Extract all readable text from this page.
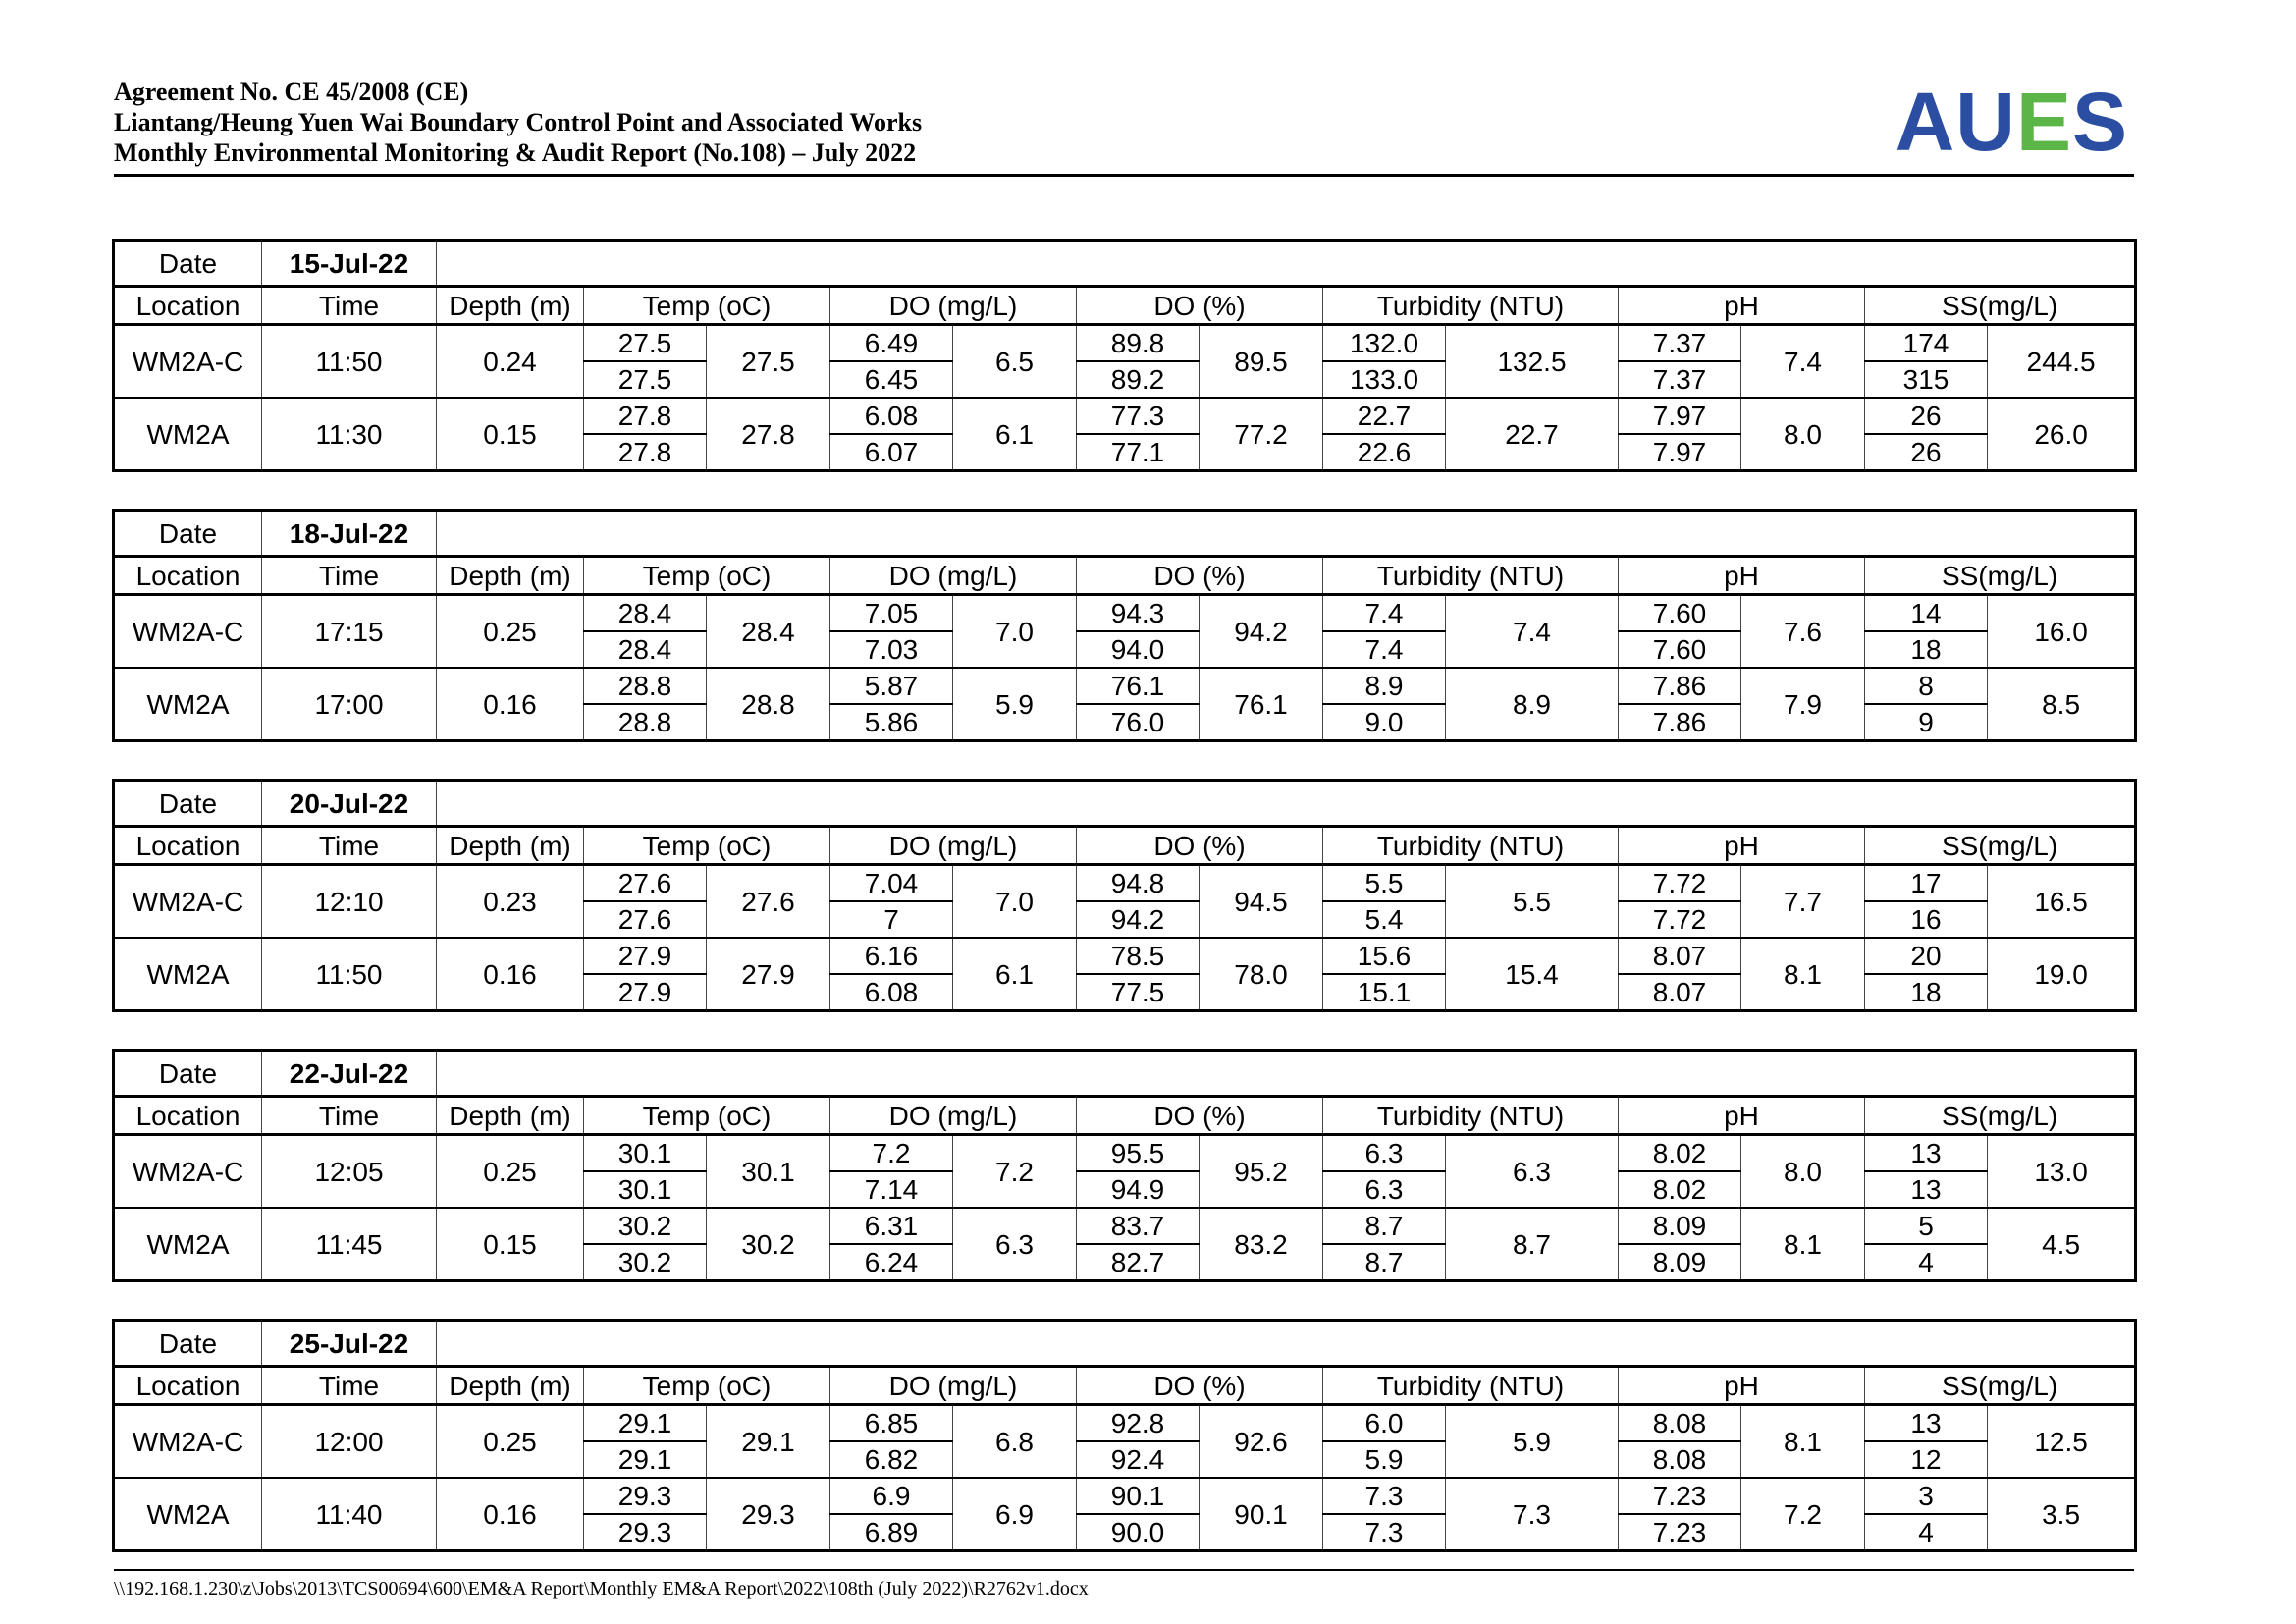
Agreement No. CE 45/2008 (CE)
Liantang/Heung Yuen Wai Boundary Control Point and Associated Works
Monthly Environmental Monitoring & Audit Report (No.108) – July 2022	AUES
Date	15-Jul-22													
Location	Time	Depth (m)	Temp (oC)		DO (mg/L)		DO (%)		Turbidity (NTU)		pH		SS(mg/L)	
WM2A-C	11:50	0.24	27.5	27.5	6.49	6.5	89.8	89.5	132.0	132.5	7.37	7.4	174	244.5
			27.5		6.45		89.2		133.0		7.37		315	
WM2A	11:30	0.15	27.8	27.8	6.08	6.1	77.3	77.2	22.7	22.7	7.97	8.0	26	26.0
			27.8		6.07		77.1		22.6		7.97		26	
Date	18-Jul-22													
Location	Time	Depth (m)	Temp (oC)		DO (mg/L)		DO (%)		Turbidity (NTU)		pH		SS(mg/L)	
WM2A-C	17:15	0.25	28.4	28.4	7.05	7.0	94.3	94.2	7.4	7.4	7.60	7.6	14	16.0
			28.4		7.03		94.0		7.4		7.60		18	
WM2A	17:00	0.16	28.8	28.8	5.87	5.9	76.1	76.1	8.9	8.9	7.86	7.9	8	8.5
			28.8		5.86		76.0		9.0		7.86		9	
Date	20-Jul-22													
Location	Time	Depth (m)	Temp (oC)		DO (mg/L)		DO (%)		Turbidity (NTU)		pH		SS(mg/L)	
WM2A-C	12:10	0.23	27.6	27.6	7.04	7.0	94.8	94.5	5.5	5.5	7.72	7.7	17	16.5
			27.6		7		94.2		5.4		7.72		16	
WM2A	11:50	0.16	27.9	27.9	6.16	6.1	78.5	78.0	15.6	15.4	8.07	8.1	20	19.0
			27.9		6.08		77.5		15.1		8.07		18	
Date	22-Jul-22													
Location	Time	Depth (m)	Temp (oC)		DO (mg/L)		DO (%)		Turbidity (NTU)		pH		SS(mg/L)	
WM2A-C	12:05	0.25	30.1	30.1	7.2	7.2	95.5	95.2	6.3	6.3	8.02	8.0	13	13.0
			30.1		7.14		94.9		6.3		8.02		13	
WM2A	11:45	0.15	30.2	30.2	6.31	6.3	83.7	83.2	8.7	8.7	8.09	8.1	5	4.5
			30.2		6.24		82.7		8.7		8.09		4	
Date	25-Jul-22													
Location	Time	Depth (m)	Temp (oC)		DO (mg/L)		DO (%)		Turbidity (NTU)		pH		SS(mg/L)	
WM2A-C	12:00	0.25	29.1	29.1	6.85	6.8	92.8	92.6	6.0	5.9	8.08	8.1	13	12.5
			29.1		6.82		92.4		5.9		8.08		12	
WM2A	11:40	0.16	29.3	29.3	6.9	6.9	90.1	90.1	7.3	7.3	7.23	7.2	3	3.5
			29.3		6.89		90.0		7.3		7.23		4	
\\192.168.1.230\z\Jobs\2013\TCS00694\600\EM&A Report\Monthly EM&A Report\2022\108th (July 2022)\R2762v1.docx
